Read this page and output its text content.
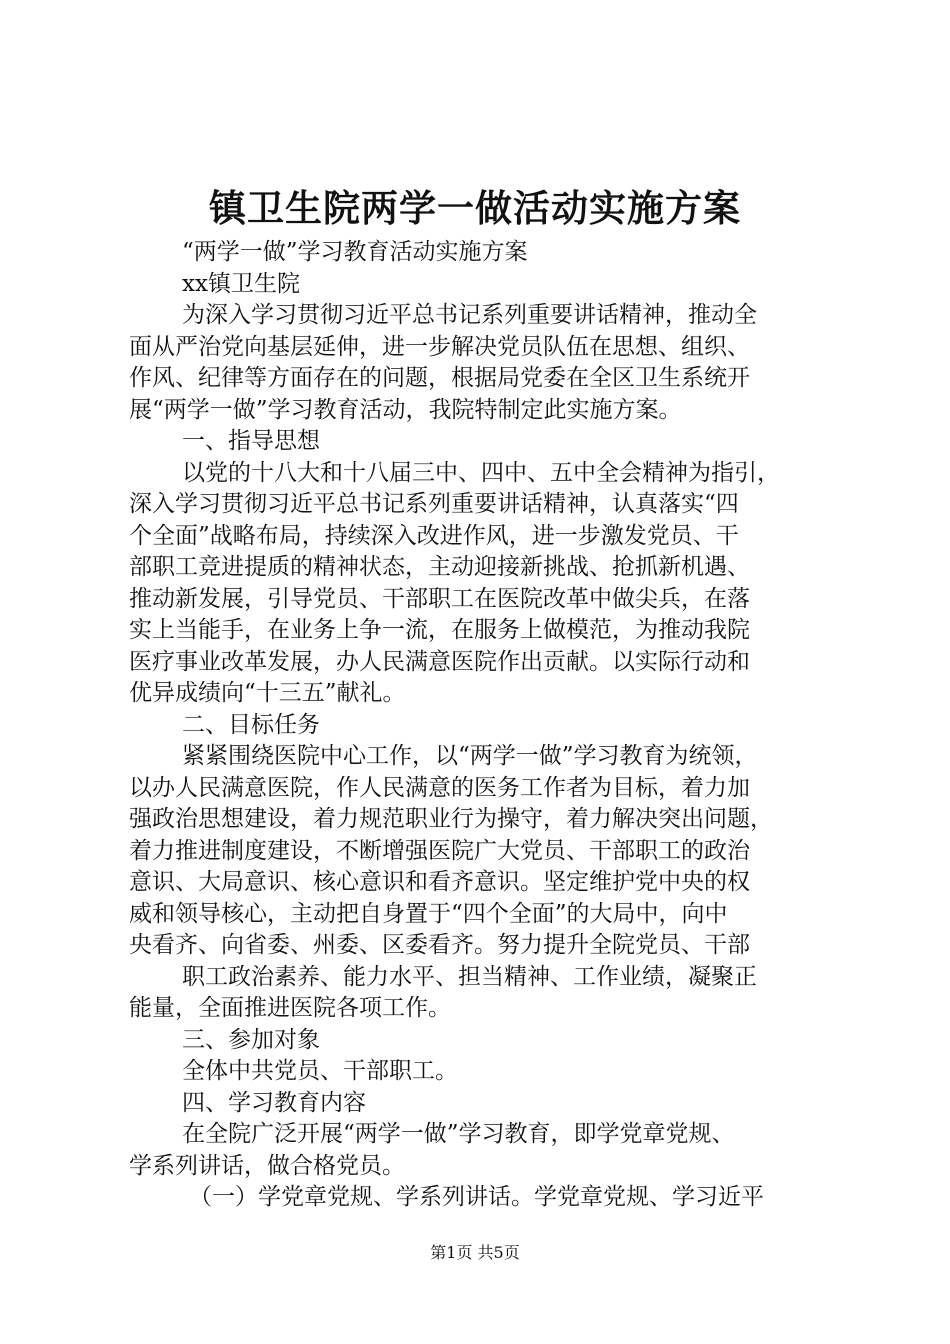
镇卫生院两学一做活动实施方案
“两学一做”学习教育活动实施方案
xx镇卫生院
为深入学习贯彻习近平总书记系列重要讲话精神，推动全
面从严治党向基层延伸，进一步解决党员队伍在思想、组织、
作风、纪律等方面存在的问题，根据局党委在全区卫生系统开
展“两学一做”学习教育活动，我院特制定此实施方案。
一、指导思想
以党的十八大和十八届三中、四中、五中全会精神为指引，
深入学习贯彻习近平总书记系列重要讲话精神，认真落实“四
个全面”战略布局，持续深入改进作风，进一步激发党员、干
部职工竞进提质的精神状态，主动迎接新挑战、抢抓新机遇、
推动新发展，引导党员、干部职工在医院改革中做尖兵，在落
实上当能手，在业务上争一流，在服务上做模范，为推动我院
医疗事业改革发展，办人民满意医院作出贡献。以实际行动和
优异成绩向“十三五”献礼。
二、目标任务
紧紧围绕医院中心工作，以“两学一做”学习教育为统领，
以办人民满意医院，作人民满意的医务工作者为目标，着力加
强政治思想建设，着力规范职业行为操守，着力解决突出问题，
着力推进制度建设，不断增强医院广大党员、干部职工的政治
意识、大局意识、核心意识和看齐意识。坚定维护党中央的权
威和领导核心，主动把自身置于“四个全面”的大局中，向中
央看齐、向省委、州委、区委看齐。努力提升全院党员、干部
职工政治素养、能力水平、担当精神、工作业绩，凝聚正
能量，全面推进医院各项工作。
三、参加对象
全体中共党员、干部职工。
四、学习教育内容
在全院广泛开展“两学一做”学习教育，即学党章党规、
学系列讲话，做合格党员。
（一）学党章党规、学系列讲话。学党章党规、学习近平
第1页 共5页
